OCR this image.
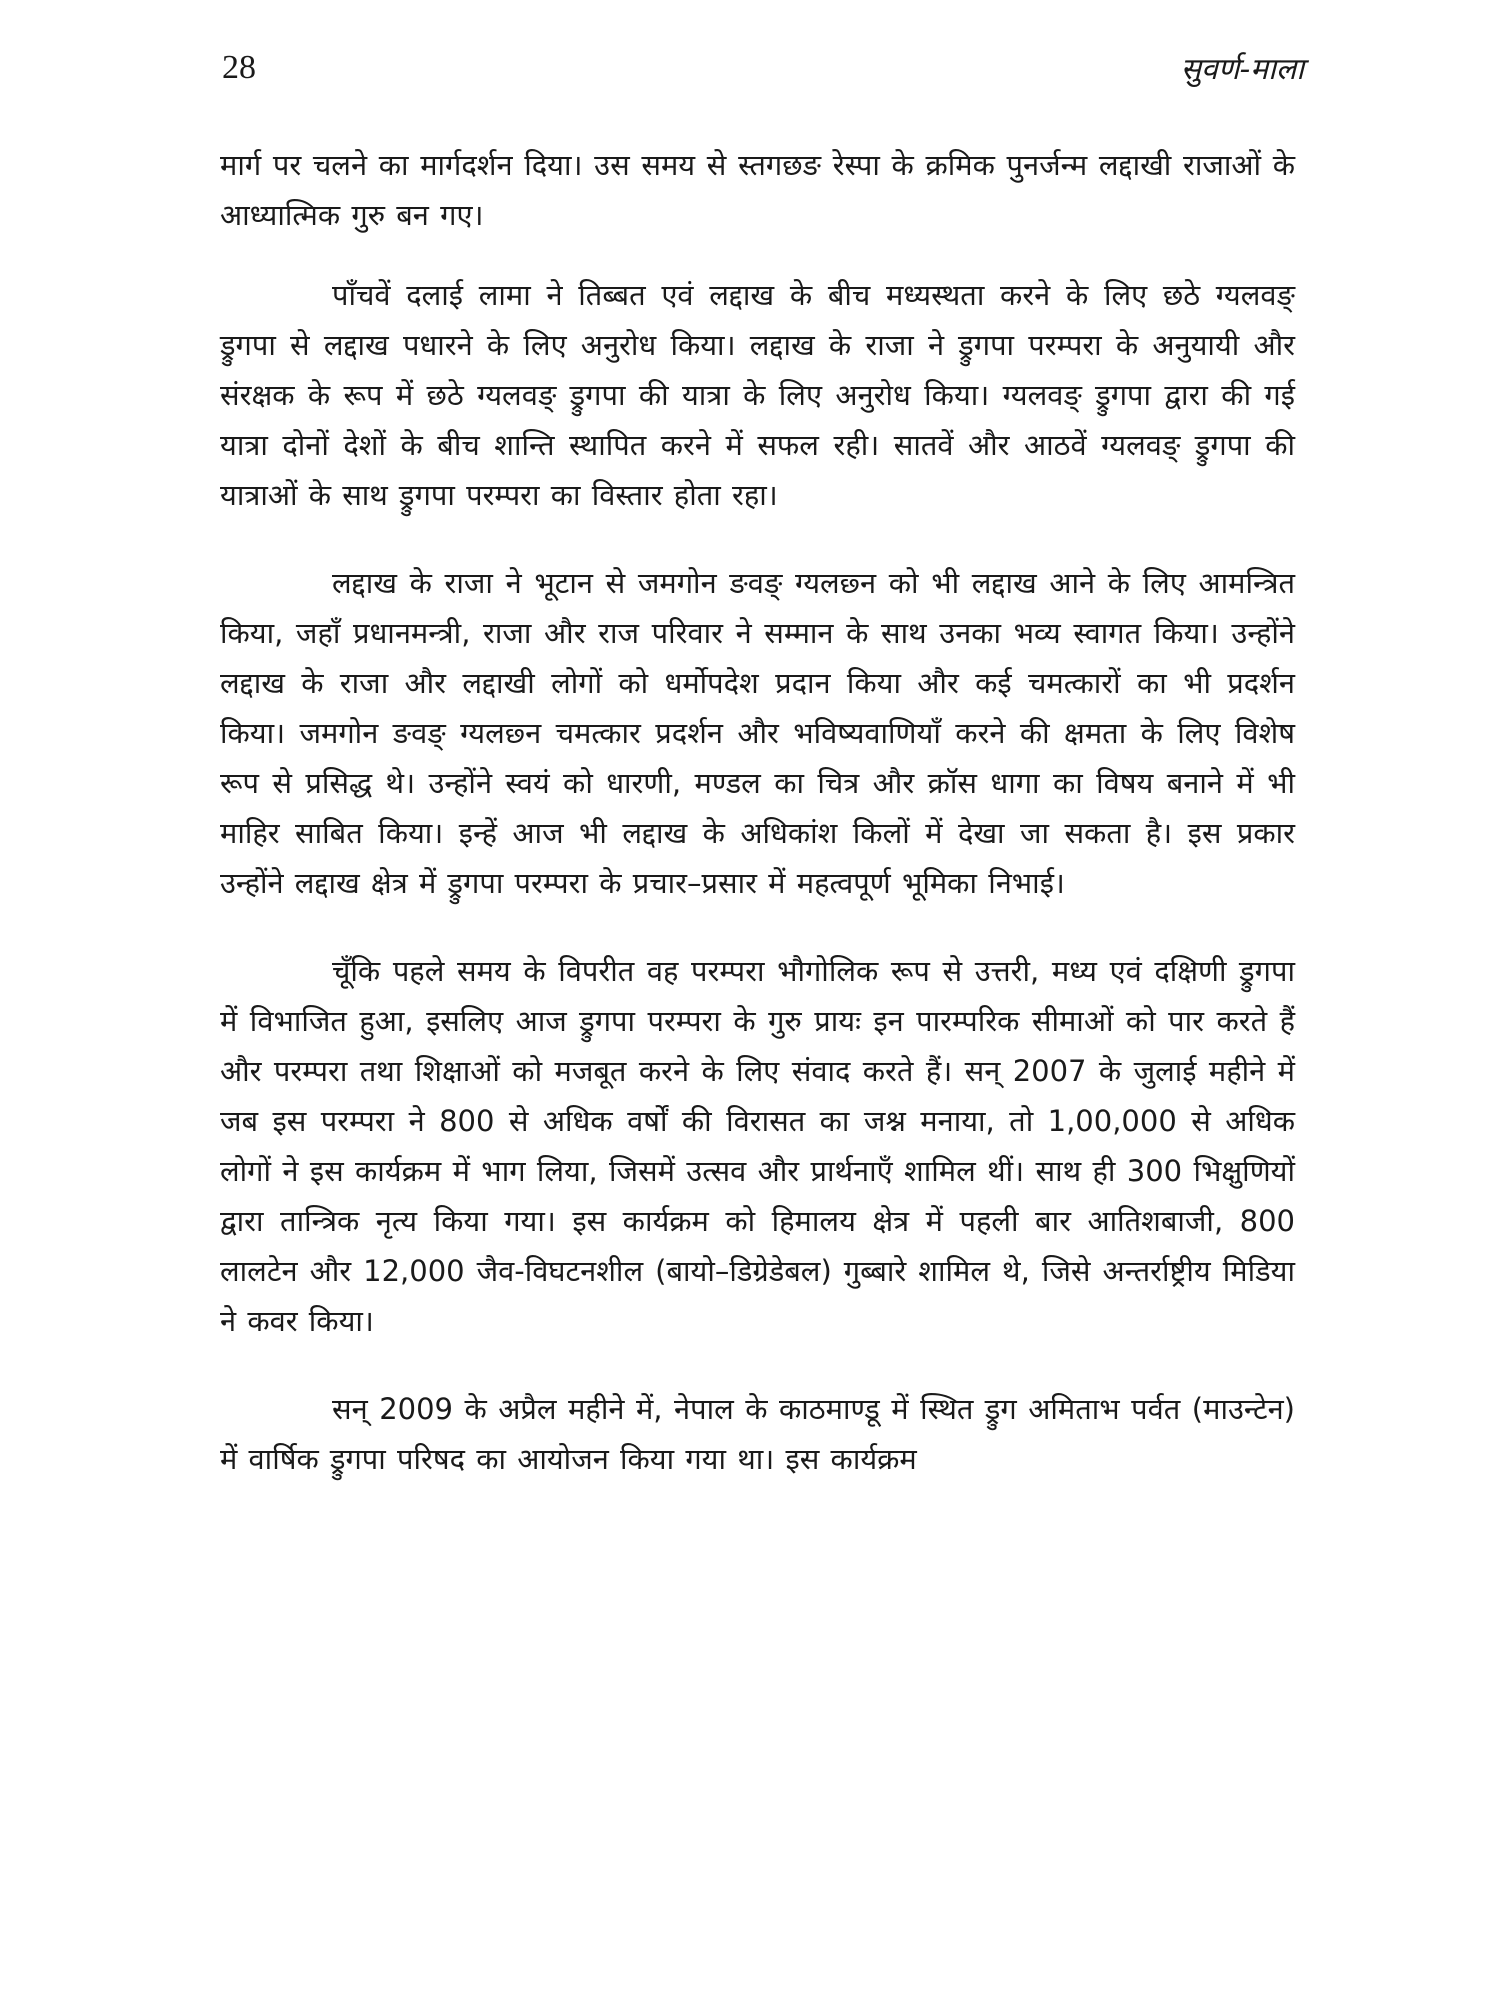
28	सुवर्ण-माला

मार्ग पर चलने का मार्गदर्शन दिया। उस समय से स्तगछङ रेस्पा के क्रमिक पुनर्जन्म लद्दाखी राजाओं के आध्यात्मिक गुरु बन गए।

पाँचवें दलाई लामा ने तिब्बत एवं लद्दाख के बीच मध्यस्थता करने के लिए छठे ग्यलवङ् ड्रुगपा से लद्दाख पधारने के लिए अनुरोध किया। लद्दाख के राजा ने ड्रुगपा परम्परा के अनुयायी और संरक्षक के रूप में छठे ग्यलवङ् ड्रुगपा की यात्रा के लिए अनुरोध किया। ग्यलवङ् ड्रुगपा द्वारा की गई यात्रा दोनों देशों के बीच शान्ति स्थापित करने में सफल रही। सातवें और आठवें ग्यलवङ् ड्रुगपा की यात्राओं के साथ ड्रुगपा परम्परा का विस्तार होता रहा।

लद्दाख के राजा ने भूटान से जमगोन ङवङ् ग्यलछ्न को भी लद्दाख आने के लिए आमन्त्रित किया, जहाँ प्रधानमन्त्री, राजा और राज परिवार ने सम्मान के साथ उनका भव्य स्वागत किया। उन्होंने लद्दाख के राजा और लद्दाखी लोगों को धर्मोपदेश प्रदान किया और कई चमत्कारों का भी प्रदर्शन किया। जमगोन ङवङ् ग्यलछ्न चमत्कार प्रदर्शन और भविष्यवाणियाँ करने की क्षमता के लिए विशेष रूप से प्रसिद्ध थे। उन्होंने स्वयं को धारणी, मण्डल का चित्र और क्रॉस धागा का विषय बनाने में भी माहिर साबित किया। इन्हें आज भी लद्दाख के अधिकांश किलों में देखा जा सकता है। इस प्रकार उन्होंने लद्दाख क्षेत्र में ड्रुगपा परम्परा के प्रचार–प्रसार में महत्वपूर्ण भूमिका निभाई।

चूँकि पहले समय के विपरीत वह परम्परा भौगोलिक रूप से उत्तरी, मध्य एवं दक्षिणी ड्रुगपा में विभाजित हुआ, इसलिए आज ड्रुगपा परम्परा के गुरु प्रायः इन पारम्परिक सीमाओं को पार करते हैं और परम्परा तथा शिक्षाओं को मजबूत करने के लिए संवाद करते हैं। सन् 2007 के जुलाई महीने में जब इस परम्परा ने 800 से अधिक वर्षों की विरासत का जश्न मनाया, तो 1,00,000 से अधिक लोगों ने इस कार्यक्रम में भाग लिया, जिसमें उत्सव और प्रार्थनाएँ शामिल थीं। साथ ही 300 भिक्षुणियों द्वारा तान्त्रिक नृत्य किया गया। इस कार्यक्रम को हिमालय क्षेत्र में पहली बार आतिशबाजी, 800 लालटेन और 12,000 जैव-विघटनशील (बायो–डिग्रेडेबल) गुब्बारे शामिल थे, जिसे अन्तर्राष्ट्रीय मिडिया ने कवर किया।

सन् 2009 के अप्रैल महीने में, नेपाल के काठमाण्डू में स्थित ड्रुग अमिताभ पर्वत (माउन्टेन) में वार्षिक ड्रुगपा परिषद का आयोजन किया गया था। इस कार्यक्रम
